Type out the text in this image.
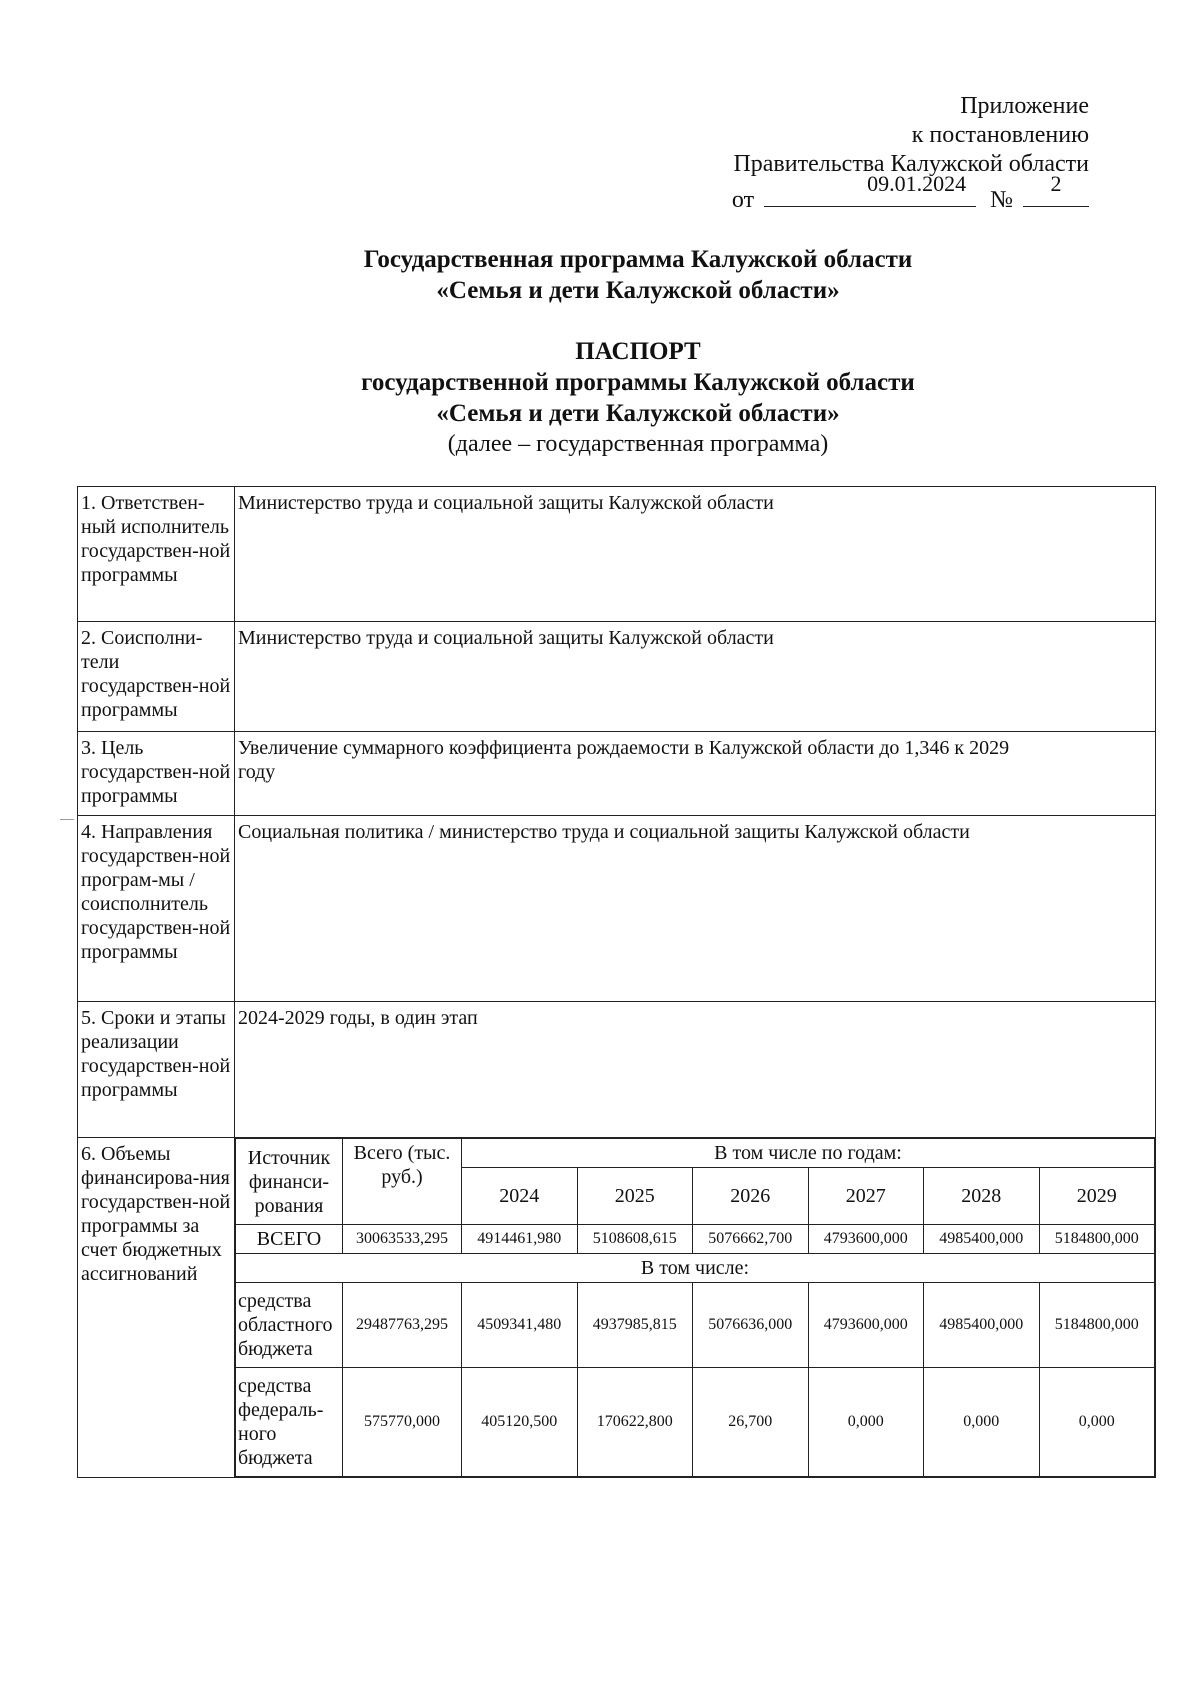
Приложение
к постановлению
Правительства Калужской области
от
09.01.2024
№
2
Государственная программа Калужской области
«Семья и дети Калужской области»
ПАСПОРТ
государственной программы Калужской области
«Семья и дети Калужской области»
(далее – государственная программа)
1. Ответствен-ный исполнитель государствен-ной программы	Министерство труда и социальной защиты Калужской области
2. Соисполни-тели государствен-ной программы	Министерство труда и социальной защиты Калужской области
3. Цель государствен-ной программы	Увеличение суммарного коэффициента рождаемости в Калужской области до 1,346 к 2029 году
4. Направления государствен-ной програм-мы / соисполнитель государствен-ной программы	Социальная политика / министерство труда и социальной защиты Калужской области
5. Сроки и этапы реализации государствен-ной программы	2024-2029 годы, в один этап
6. Объемы финансирова-ния государствен-ной программы за счет бюджетных ассигнований	
Источник финанси-рования	Всего (тыс. руб.)	В том числе по годам:
2024	2025	2026	2027	2028	2029
ВСЕГО	30063533,295	4914461,980	5108608,615	5076662,700	4793600,000	4985400,000	5184800,000
В том числе:
средства областного бюджета	29487763,295	4509341,480	4937985,815	5076636,000	4793600,000	4985400,000	5184800,000
средства федераль-ного бюджета	575770,000	405120,500	170622,800	26,700	0,000	0,000	0,000
